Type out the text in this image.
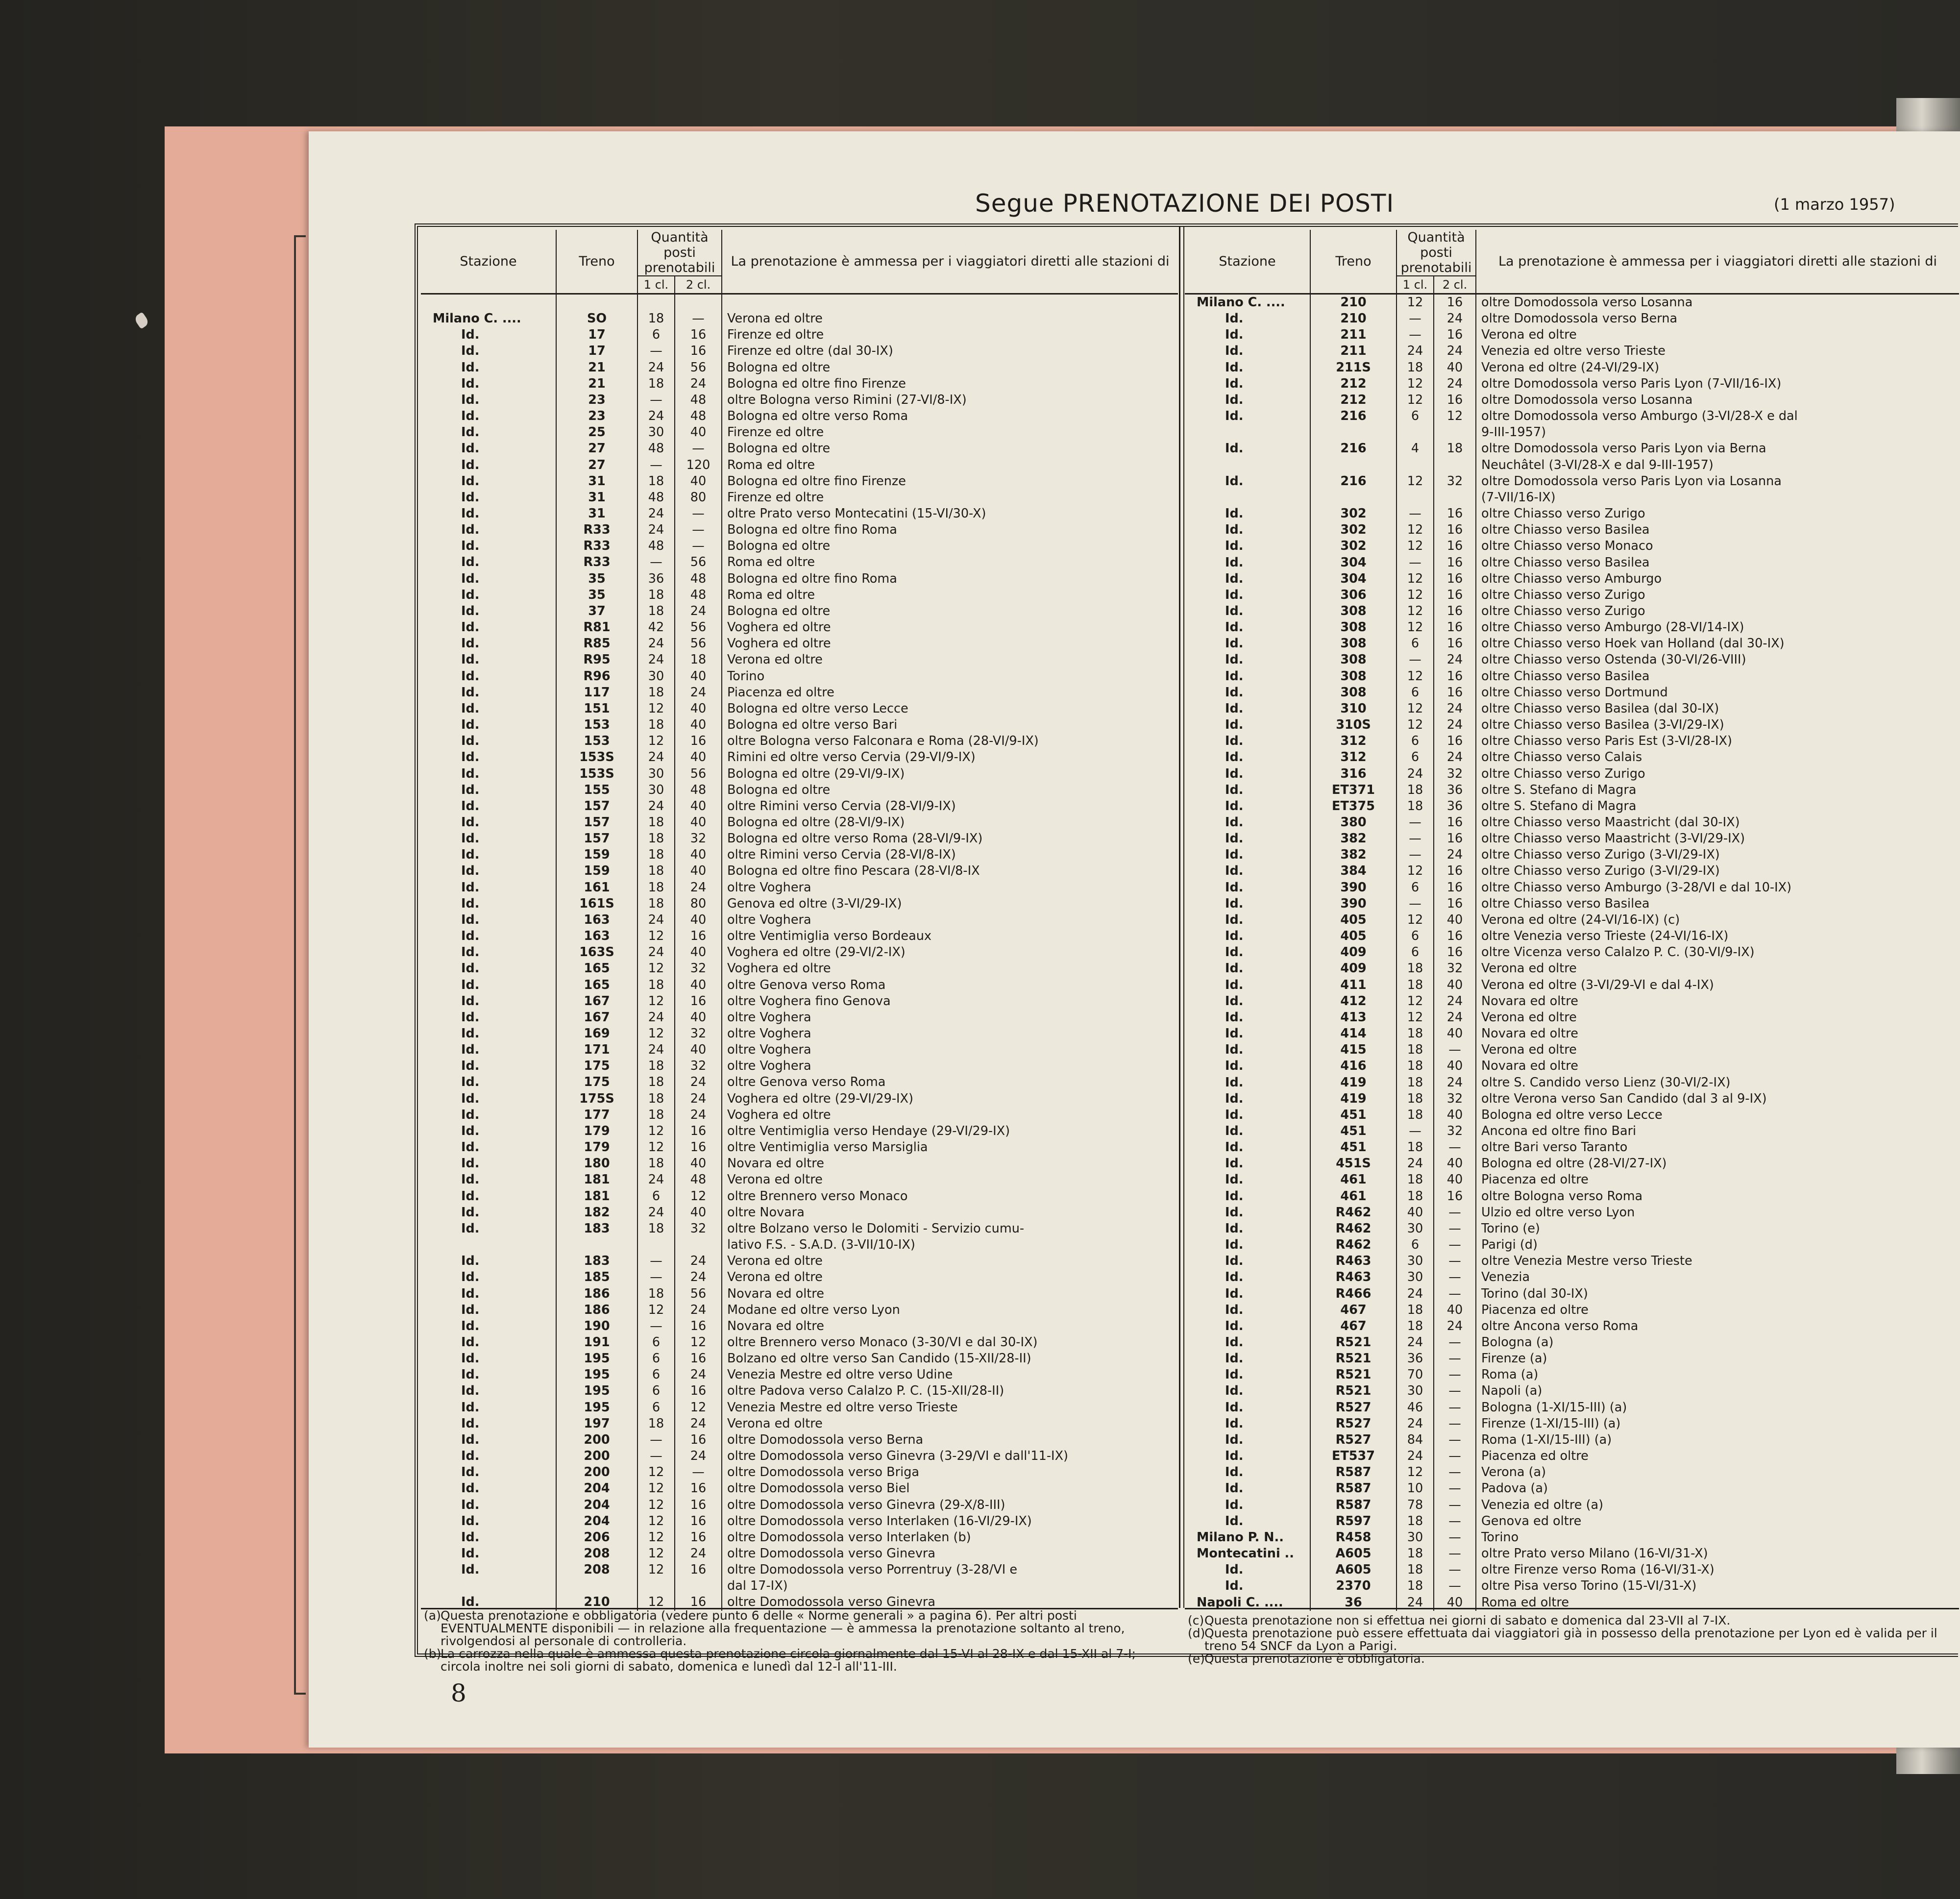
Segue PRENOTAZIONE DEI POSTI	(1 marzo 1957)
Stazione	Treno	Quantità posti prenotabili		La prenotazione è ammessa per i viaggiatori diretti alle stazioni di
		1 cl.	2 cl.	

Milano C. ....	SO	18	—	Verona ed oltre
Id.	17	6	16	Firenze ed oltre
Id.	17	—	16	Firenze ed oltre (dal 30-IX)
Id.	21	24	56	Bologna ed oltre
Id.	21	18	24	Bologna ed oltre fino Firenze
Id.	23	—	48	oltre Bologna verso Rimini (27-VI/8-IX)
Id.	23	24	48	Bologna ed oltre verso Roma
Id.	25	30	40	Firenze ed oltre
Id.	27	48	—	Bologna ed oltre
Id.	27	—	120	Roma ed oltre
Id.	31	18	40	Bologna ed oltre fino Firenze
Id.	31	48	80	Firenze ed oltre
Id.	31	24	—	oltre Prato verso Montecatini (15-VI/30-X)
Id.	R33	24	—	Bologna ed oltre fino Roma
Id.	R33	48	—	Bologna ed oltre
Id.	R33	—	56	Roma ed oltre
Id.	35	36	48	Bologna ed oltre fino Roma
Id.	35	18	48	Roma ed oltre
Id.	37	18	24	Bologna ed oltre
Id.	R81	42	56	Voghera ed oltre
Id.	R85	24	56	Voghera ed oltre
Id.	R95	24	18	Verona ed oltre
Id.	R96	30	40	Torino
Id.	117	18	24	Piacenza ed oltre
Id.	151	12	40	Bologna ed oltre verso Lecce
Id.	153	18	40	Bologna ed oltre verso Bari
Id.	153	12	16	oltre Bologna verso Falconara e Roma (28-VI/9-IX)
Id.	153S	24	40	Rimini ed oltre verso Cervia (29-VI/9-IX)
Id.	153S	30	56	Bologna ed oltre (29-VI/9-IX)
Id.	155	30	48	Bologna ed oltre
Id.	157	24	40	oltre Rimini verso Cervia (28-VI/9-IX)
Id.	157	18	40	Bologna ed oltre (28-VI/9-IX)
Id.	157	18	32	Bologna ed oltre verso Roma (28-VI/9-IX)
Id.	159	18	40	oltre Rimini verso Cervia (28-VI/8-IX)
Id.	159	18	40	Bologna ed oltre fino Pescara (28-VI/8-IX
Id.	161	18	24	oltre Voghera
Id.	161S	18	80	Genova ed oltre (3-VI/29-IX)
Id.	163	24	40	oltre Voghera
Id.	163	12	16	oltre Ventimiglia verso Bordeaux
Id.	163S	24	40	Voghera ed oltre (29-VI/2-IX)
Id.	165	12	32	Voghera ed oltre
Id.	165	18	40	oltre Genova verso Roma
Id.	167	12	16	oltre Voghera fino Genova
Id.	167	24	40	oltre Voghera
Id.	169	12	32	oltre Voghera
Id.	171	24	40	oltre Voghera
Id.	175	18	32	oltre Voghera
Id.	175	18	24	oltre Genova verso Roma
Id.	175S	18	24	Voghera ed oltre (29-VI/29-IX)
Id.	177	18	24	Voghera ed oltre
Id.	179	12	16	oltre Ventimiglia verso Hendaye (29-VI/29-IX)
Id.	179	12	16	oltre Ventimiglia verso Marsiglia
Id.	180	18	40	Novara ed oltre
Id.	181	24	48	Verona ed oltre
Id.	181	6	12	oltre Brennero verso Monaco
Id.	182	24	40	oltre Novara
Id.	183	18	32	oltre Bolzano verso le Dolomiti - Servizio cumu-
				lativo F.S. - S.A.D. (3-VII/10-IX)
Id.	183	—	24	Verona ed oltre
Id.	185	—	24	Verona ed oltre
Id.	186	18	56	Novara ed oltre
Id.	186	12	24	Modane ed oltre verso Lyon
Id.	190	—	16	Novara ed oltre
Id.	191	6	12	oltre Brennero verso Monaco (3-30/VI e dal 30-IX)
Id.	195	6	16	Bolzano ed oltre verso San Candido (15-XII/28-II)
Id.	195	6	24	Venezia Mestre ed oltre verso Udine
Id.	195	6	16	oltre Padova verso Calalzo P. C. (15-XII/28-II)
Id.	195	6	12	Venezia Mestre ed oltre verso Trieste
Id.	197	18	24	Verona ed oltre
Id.	200	—	16	oltre Domodossola verso Berna
Id.	200	—	24	oltre Domodossola verso Ginevra (3-29/VI e dall'11-IX)
Id.	200	12	—	oltre Domodossola verso Briga
Id.	204	12	16	oltre Domodossola verso Biel
Id.	204	12	16	oltre Domodossola verso Ginevra (29-X/8-III)
Id.	204	12	16	oltre Domodossola verso Interlaken (16-VI/29-IX)
Id.	206	12	16	oltre Domodossola verso Interlaken (b)
Id.	208	12	24	oltre Domodossola verso Ginevra
Id.	208	12	16	oltre Domodossola verso Porrentruy (3-28/VI e
				dal 17-IX)
Id.	210	12	16	oltre Domodossola verso Ginevra
Stazione	Treno	Quantità posti prenotabili		La prenotazione è ammessa per i viaggiatori diretti alle stazioni di
		1 cl.	2 cl.	
Milano C. ....	210	12	16	oltre Domodossola verso Losanna
Id.	210	—	24	oltre Domodossola verso Berna
Id.	211	—	16	Verona ed oltre
Id.	211	24	24	Venezia ed oltre verso Trieste
Id.	211S	18	40	Verona ed oltre (24-VI/29-IX)
Id.	212	12	24	oltre Domodossola verso Paris Lyon (7-VII/16-IX)
Id.	212	12	16	oltre Domodossola verso Losanna
Id.	216	6	12	oltre Domodossola verso Amburgo (3-VI/28-X e dal
				9-III-1957)
Id.	216	4	18	oltre Domodossola verso Paris Lyon via Berna
				Neuchâtel (3-VI/28-X e dal 9-III-1957)
Id.	216	12	32	oltre Domodossola verso Paris Lyon via Losanna
				(7-VII/16-IX)
Id.	302	—	16	oltre Chiasso verso Zurigo
Id.	302	12	16	oltre Chiasso verso Basilea
Id.	302	12	16	oltre Chiasso verso Monaco
Id.	304	—	16	oltre Chiasso verso Basilea
Id.	304	12	16	oltre Chiasso verso Amburgo
Id.	306	12	16	oltre Chiasso verso Zurigo
Id.	308	12	16	oltre Chiasso verso Zurigo
Id.	308	12	16	oltre Chiasso verso Amburgo (28-VI/14-IX)
Id.	308	6	16	oltre Chiasso verso Hoek van Holland (dal 30-IX)
Id.	308	—	24	oltre Chiasso verso Ostenda (30-VI/26-VIII)
Id.	308	12	16	oltre Chiasso verso Basilea
Id.	308	6	16	oltre Chiasso verso Dortmund
Id.	310	12	24	oltre Chiasso verso Basilea (dal 30-IX)
Id.	310S	12	24	oltre Chiasso verso Basilea (3-VI/29-IX)
Id.	312	6	16	oltre Chiasso verso Paris Est (3-VI/28-IX)
Id.	312	6	24	oltre Chiasso verso Calais
Id.	316	24	32	oltre Chiasso verso Zurigo
Id.	ET371	18	36	oltre S. Stefano di Magra
Id.	ET375	18	36	oltre S. Stefano di Magra
Id.	380	—	16	oltre Chiasso verso Maastricht (dal 30-IX)
Id.	382	—	16	oltre Chiasso verso Maastricht (3-VI/29-IX)
Id.	382	—	24	oltre Chiasso verso Zurigo (3-VI/29-IX)
Id.	384	12	16	oltre Chiasso verso Zurigo (3-VI/29-IX)
Id.	390	6	16	oltre Chiasso verso Amburgo (3-28/VI e dal 10-IX)
Id.	390	—	16	oltre Chiasso verso Basilea
Id.	405	12	40	Verona ed oltre (24-VI/16-IX) (c)
Id.	405	6	16	oltre Venezia verso Trieste (24-VI/16-IX)
Id.	409	6	16	oltre Vicenza verso Calalzo P. C. (30-VI/9-IX)
Id.	409	18	32	Verona ed oltre
Id.	411	18	40	Verona ed oltre (3-VI/29-VI e dal 4-IX)
Id.	412	12	24	Novara ed oltre
Id.	413	12	24	Verona ed oltre
Id.	414	18	40	Novara ed oltre
Id.	415	18	—	Verona ed oltre
Id.	416	18	40	Novara ed oltre
Id.	419	18	24	oltre S. Candido verso Lienz (30-VI/2-IX)
Id.	419	18	32	oltre Verona verso San Candido (dal 3 al 9-IX)
Id.	451	18	40	Bologna ed oltre verso Lecce
Id.	451	—	32	Ancona ed oltre fino Bari
Id.	451	18	—	oltre Bari verso Taranto
Id.	451S	24	40	Bologna ed oltre (28-VI/27-IX)
Id.	461	18	40	Piacenza ed oltre
Id.	461	18	16	oltre Bologna verso Roma
Id.	R462	40	—	Ulzio ed oltre verso Lyon
Id.	R462	30	—	Torino (e)
Id.	R462	6	—	Parigi (d)
Id.	R463	30	—	oltre Venezia Mestre verso Trieste
Id.	R463	30	—	Venezia
Id.	R466	24	—	Torino (dal 30-IX)
Id.	467	18	40	Piacenza ed oltre
Id.	467	18	24	oltre Ancona verso Roma
Id.	R521	24	—	Bologna (a)
Id.	R521	36	—	Firenze (a)
Id.	R521	70	—	Roma (a)
Id.	R521	30	—	Napoli (a)
Id.	R527	46	—	Bologna (1-XI/15-III) (a)
Id.	R527	24	—	Firenze (1-XI/15-III) (a)
Id.	R527	84	—	Roma (1-XI/15-III) (a)
Id.	ET537	24	—	Piacenza ed oltre
Id.	R587	12	—	Verona (a)
Id.	R587	10	—	Padova (a)
Id.	R587	78	—	Venezia ed oltre (a)
Id.	R597	18	—	Genova ed oltre
Milano P. N..	R458	30	—	Torino
Montecatini ..	A605	18	—	oltre Prato verso Milano (16-VI/31-X)
Id.	A605	18	—	oltre Firenze verso Roma (16-VI/31-X)
Id.	2370	18	—	oltre Pisa verso Torino (15-VI/31-X)
Napoli C. ....	36	24	40	Roma ed oltre
(a) Questa prenotazione e obbligatoria (vedere punto 6 delle « Norme generali » a pagina 6). Per altri posti EVENTUALMENTE disponibili — in relazione alla frequentazione — è ammessa la prenotazione soltanto al treno, rivolgendosi al personale di controlleria.
(b)
La carrozza nella quale è ammessa questa prenotazione circola giornalmente dal 15-VI al 28-IX e dal 15-XII al 7-I; circola inoltre nei soli giorni di sabato, domenica e lunedì dal 12-I all'11-III.
(c) Questa prenotazione non si effettua nei giorni di sabato e domenica dal 23-VII al 7-IX.
(d)
Questa prenotazione può essere effettuata dai viaggiatori già in possesso della prenotazione per Lyon ed è valida per il treno 54 SNCF da Lyon a Parigi.
(e) Questa prenotazione è obbligatoria.
8
